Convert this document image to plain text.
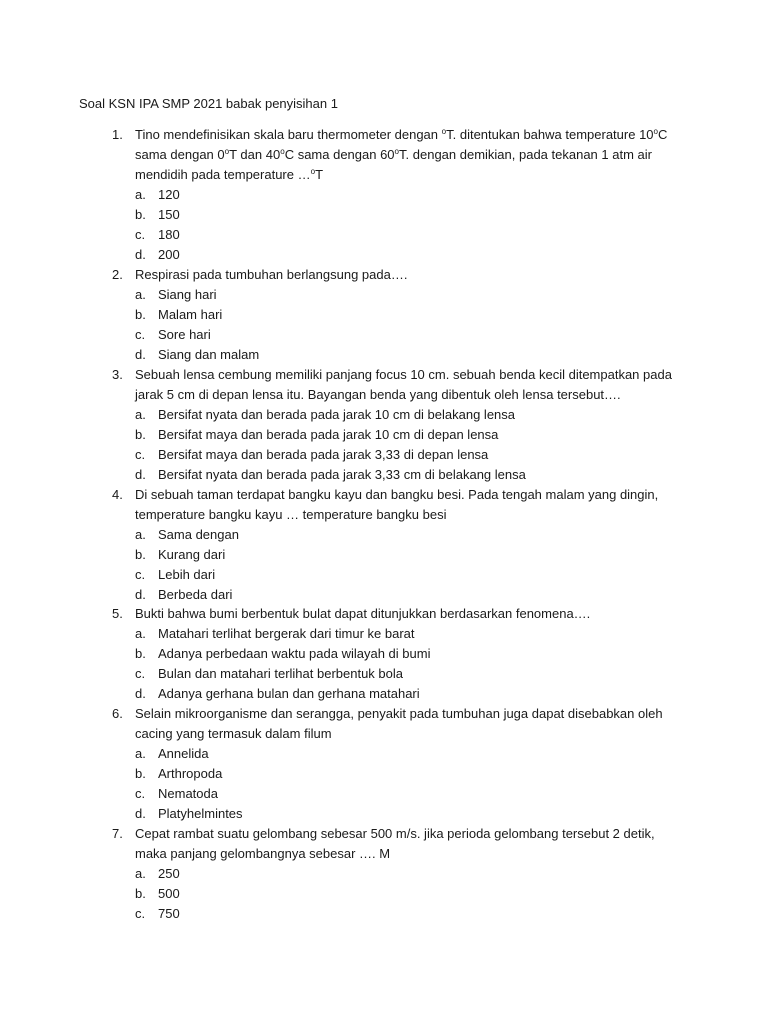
Soal KSN IPA SMP 2021 babak penyisihan 1
1. Tino mendefinisikan skala baru thermometer dengan $^o$T. ditentukan bahwa temperature 10$^o$C sama dengan 0$^o$T dan 40$^o$C sama dengan 60$^o$T. dengan demikian, pada tekanan 1 atm air mendidih pada temperature …$^o$T
a. 120
b. 150
c. 180
d. 200
2. Respirasi pada tumbuhan berlangsung pada….
a. Siang hari
b. Malam hari
c. Sore hari
d. Siang dan malam
3. Sebuah lensa cembung memiliki panjang focus 10 cm. sebuah benda kecil ditempatkan pada jarak 5 cm di depan lensa itu. Bayangan benda yang dibentuk oleh lensa tersebut….
a. Bersifat nyata dan berada pada jarak 10 cm di belakang lensa
b. Bersifat maya dan berada pada jarak 10 cm di depan lensa
c. Bersifat maya dan berada pada jarak 3,33 di depan lensa
d. Bersifat nyata dan berada pada jarak 3,33 cm di belakang lensa
4. Di sebuah taman terdapat bangku kayu dan bangku besi. Pada tengah malam yang dingin, temperature bangku kayu … temperature bangku besi
a. Sama dengan
b. Kurang dari
c. Lebih dari
d. Berbeda dari
5. Bukti bahwa bumi berbentuk bulat dapat ditunjukkan berdasarkan fenomena….
a. Matahari terlihat bergerak dari timur ke barat
b. Adanya perbedaan waktu pada wilayah di bumi
c. Bulan dan matahari terlihat berbentuk bola
d. Adanya gerhana bulan dan gerhana matahari
6. Selain mikroorganisme dan serangga, penyakit pada tumbuhan juga dapat disebabkan oleh cacing yang termasuk dalam filum
a. Annelida
b. Arthropoda
c. Nematoda
d. Platyhelmintes
7. Cepat rambat suatu gelombang sebesar 500 m/s. jika perioda gelombang tersebut 2 detik, maka panjang gelombangnya sebesar …. M
a. 250
b. 500
c. 750
